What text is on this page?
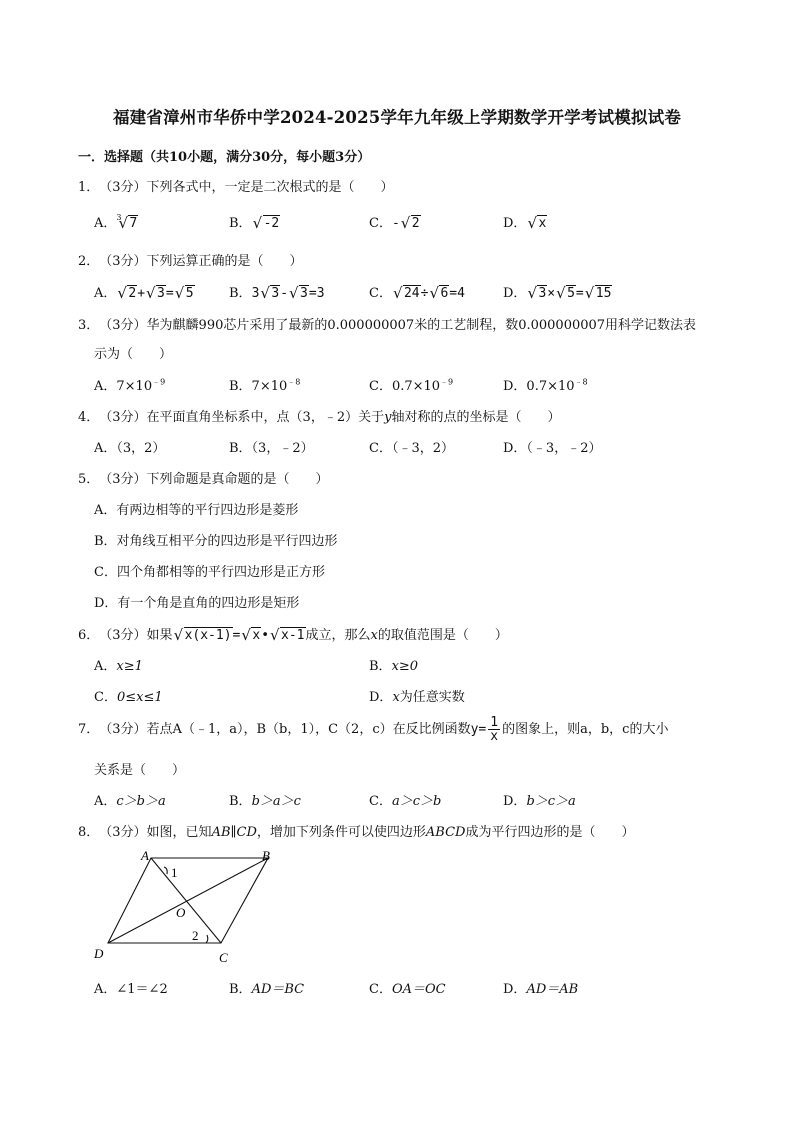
福建省漳州市华侨中学2024-2025学年九年级上学期数学开学考试模拟试卷
一．选择题（共10小题，满分30分，每小题3分）
1．（3分）下列各式中，一定是二次根式的是（　　）
A．$^3$ √ 7	B． √ -2	C．- √ 2	D． √ x
2．（3分）下列运算正确的是（　　）
A． √ 2+ √ 3= √ 5	B．3 √ 3- √ 3=3	C． √ 24÷ √ 6=4	D． √ 3× √ 5= √ 15
3．（3分）华为麒麟990芯片采用了最新的0.000000007米的工艺制程，数0.000000007用科学记数法表
示为（　　）
A．$7\times 10^{﹣9}$	B．$7\times 10^{﹣8}$	C．$0.7\times 10^{﹣9}$	D．$0.7\times 10^{﹣8}$
4．（3分）在平面直角坐标系中，点（3，﹣2）关于y轴对称的点的坐标是（　　）
A．（3，2）	B．（3，﹣2）	C．（﹣3，2）	D．（﹣3，﹣2）
5．（3分）下列命题是真命题的是（　　）
A．有两边相等的平行四边形是菱形
B．对角线互相平分的四边形是平行四边形
C．四个角都相等的平行四边形是正方形
D．有一个角是直角的四边形是矩形
6．（3分）如果 √ x(x-1)= √ x• √ x-1成立，那么x的取值范围是（　　）
A．x≥1	B．x≥0
C．0≤x≤1	D．x为任意实数
7．（3分）若点A（﹣1，a），B（b，1），C（2，c）在反比例函数$y= \frac{1}{x}$ 的图象上，则a，b，c的大小
关系是（　　）
A．c＞b＞a	B．b＞a＞c	C．a＞c＞b	D．b＞c＞a
8．（3分）如图，已知AB∥CD，增加下列条件可以使四边形ABCD成为平行四边形的是（　　）
A	B
C
D
O
1
2
A．∠1＝∠2	B．AD＝BC	C．OA＝OC	D．AD＝AB
